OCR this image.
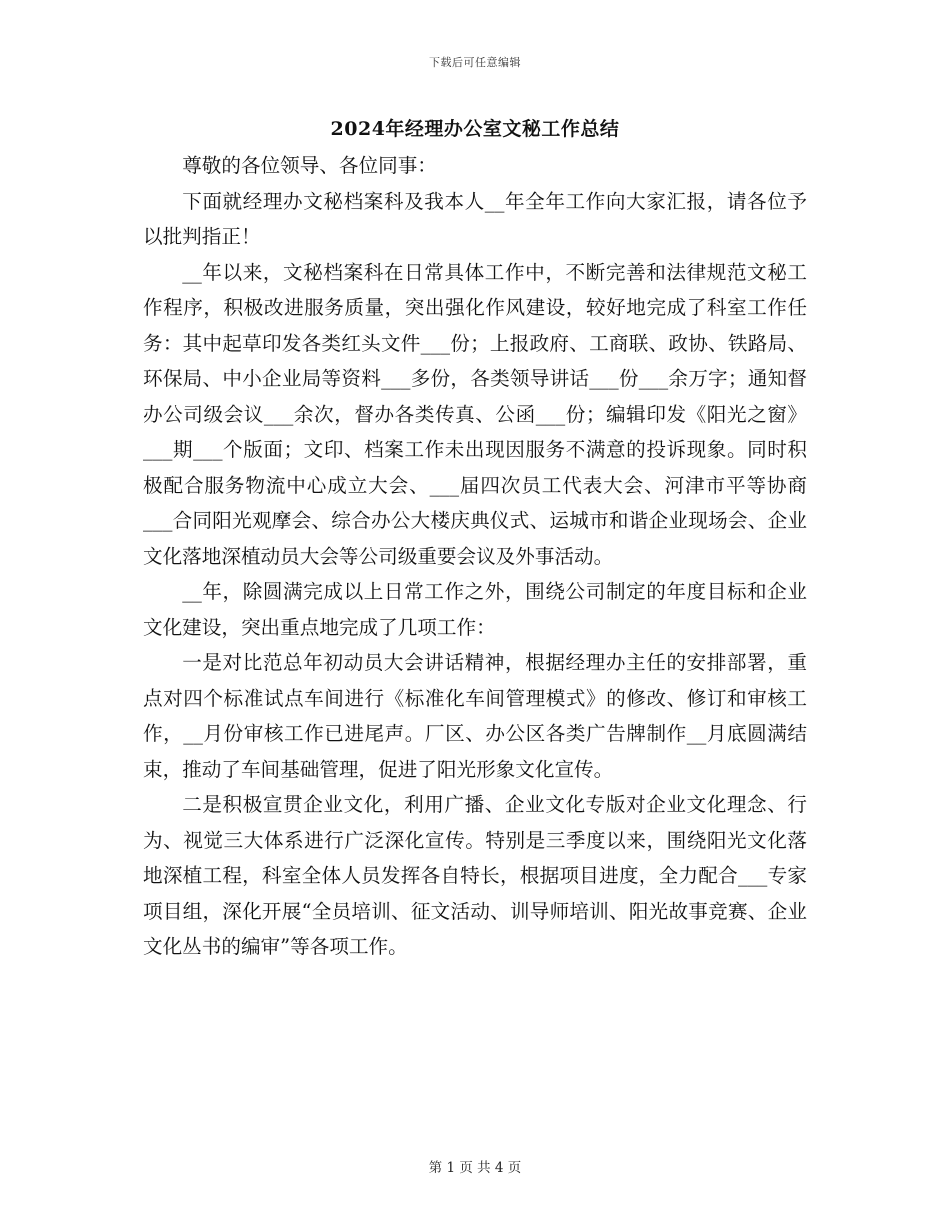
下载后可任意编辑
2024年经理办公室文秘工作总结

尊敬的各位领导、各位同事：

下面就经理办文秘档案科及我本人__年全年工作向大家汇报，请各位予以批判指正！

__年以来，文秘档案科在日常具体工作中，不断完善和法律规范文秘工作程序，积极改进服务质量，突出强化作风建设，较好地完成了科室工作任务：其中起草印发各类红头文件___份；上报政府、工商联、政协、铁路局、环保局、中小企业局等资料___多份，各类领导讲话___份___余万字；通知督办公司级会议___余次，督办各类传真、公函___份；编辑印发《阳光之窗》___期___个版面；文印、档案工作未出现因服务不满意的投诉现象。同时积极配合服务物流中心成立大会、___届四次员工代表大会、河津市平等协商___合同阳光观摩会、综合办公大楼庆典仪式、运城市和谐企业现场会、企业文化落地深植动员大会等公司级重要会议及外事活动。

__年，除圆满完成以上日常工作之外，围绕公司制定的年度目标和企业文化建设，突出重点地完成了几项工作：

一是对比范总年初动员大会讲话精神，根据经理办主任的安排部署，重点对四个标准试点车间进行《标准化车间管理模式》的修改、修订和审核工作，__月份审核工作已进尾声。厂区、办公区各类广告牌制作__月底圆满结束，推动了车间基础管理，促进了阳光形象文化宣传。

二是积极宣贯企业文化，利用广播、企业文化专版对企业文化理念、行为、视觉三大体系进行广泛深化宣传。特别是三季度以来，围绕阳光文化落地深植工程，科室全体人员发挥各自特长，根据项目进度，全力配合___专家项目组，深化开展“全员培训、征文活动、训导师培训、阳光故事竞赛、企业文化丛书的编审”等各项工作。

第 1 页 共 4 页
